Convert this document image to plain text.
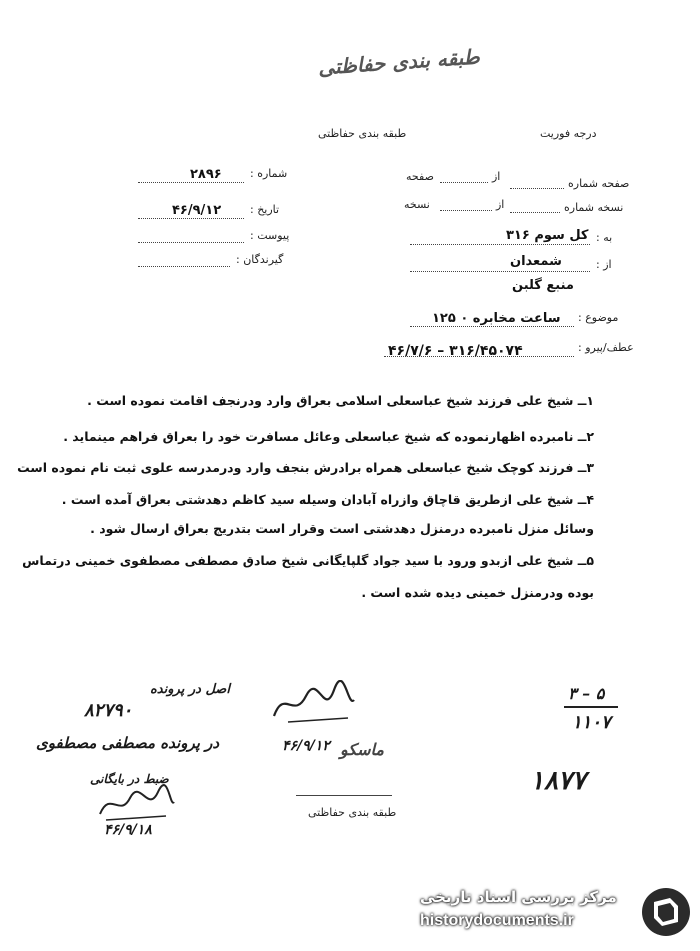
طبقه بندی حفاظتی
طبقه بندی حفاظتی	درجه فوریت
شماره :
۲۸۹۶
تاریخ :
۴۶/۹/۱۲
پیوست :
گیرندگان :
صفحه شماره
از
صفحه
نسخه شماره
از
نسخه
به :
کل سوم ۳۱۶
از :
شمعدان
منبع گلبن
موضوع :
ساعت مخابره ۰ ۱۲۵
عطف/پیرو :
۴۶/۷/۶ – ۳۱۶/۴۵۰۷۴
۱ــ شیخ علی فرزند شیخ عباسعلی اسلامی بعراق وارد ودرنجف اقامت نموده است .
۲ــ نامبرده اظهارنموده که شیخ عباسعلی وعائل مسافرت خود را بعراق فراهم مینماید .
۳ــ فرزند کوچک شیخ عباسعلی همراه برادرش بنجف وارد ودرمدرسه علوی ثبت نام نموده است
۴ــ شیخ علی ازطریق قاچاق وازراه آبادان وسیله سید کاظم دهدشتی بعراق آمده است .
وسائل منزل نامبرده درمنزل دهدشتی است وقرار است بتدریج بعراق ارسال شود .
۵ــ شیخ علی ازبدو ورود با سید جواد گلپایگانی شیخ صادق مصطفی مصطفوی خمینی درتماس
بوده ودرمنزل خمینی دیده شده است .
۸۲۷۹۰
اصل در پرونده
در پرونده مصطفی مصطفوی
ضبط در بایگانی
۴۶/۹/۱۸
ماسکو
۴۶/۹/۱۲
۳ – ۵
۱۱۰۷
۱۸۷۷
طبقه بندی حفاظتی
مرکز بررسی اسناد تاریخی
historydocuments.ir
